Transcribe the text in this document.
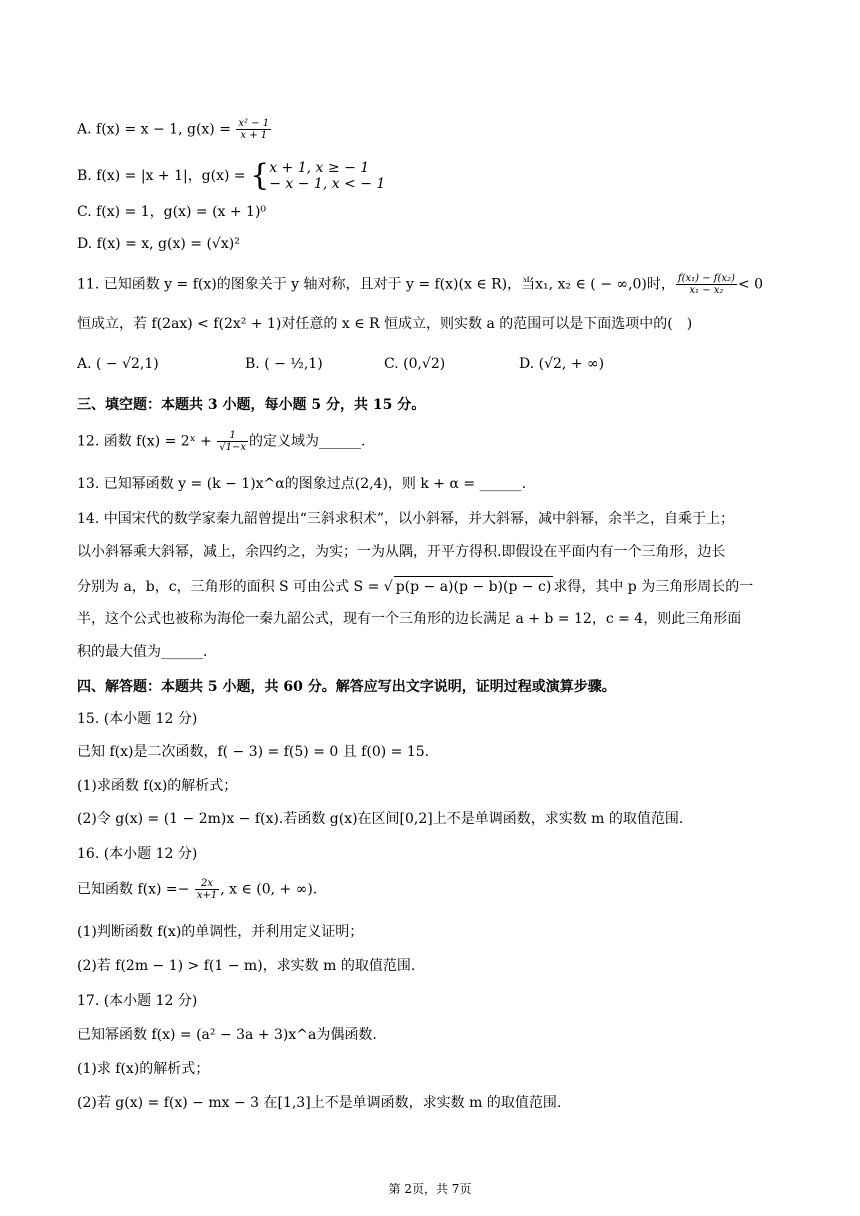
A. f(x) = x − 1, $g(x) = \frac{\text{x² − 1}}{x + 1}$
B. f(x) = |x + 1|，g(x) = { x + 1, x ≥ − 1
− x − 1, x < − 1
C. f(x) = 1，g(x) = (x + 1)⁰
D. f(x) = x, g(x) = (√x)²
11. 已知函数 y = f(x)的图象关于 y 轴对称，且对于 y = f(x)(x ∈ R)，当x₁, x₂ ∈ ( − ∞,0)时， $\frac{\text{f(x₁) − f(x₂)}}{\text{x₁ − x₂}} < 0$
恒成立，若 f(2ax) < f(2x² + 1)对任意的 x ∈ R 恒成立，则实数 a 的范围可以是下面选项中的(　)
A. ( − √2,1)	B. ( − ½,1)	C. (0,√2)	D. (√2, + ∞)
三、填空题：本题共 3 小题，每小题 5 分，共 15 分。
12. 函数 f(x) = 2ˣ + $\frac{1}{√1-x}$ 的定义域为______.
13. 已知幂函数 y = (k − 1)x^α的图象过点(2,4)，则 k + α = ______.
14. 中国宋代的数学家秦九韶曾提出“三斜求积术”，以小斜幂，并大斜幂，减中斜幂，余半之，自乘于上；
以小斜幂乘大斜幂，减上，余四约之，为实；一为从隅，开平方得积.即假设在平面内有一个三角形，边长
分别为 a，b，c，三角形的面积 S 可由公式 S = √ p(p − a)(p − b)(p − c) 求得，其中 p 为三角形周长的一
半，这个公式也被称为海伦一秦九韶公式，现有一个三角形的边长满足 a + b = 12，c = 4，则此三角形面
积的最大值为______.
四、解答题：本题共 5 小题，共 60 分。解答应写出文字说明，证明过程或演算步骤。
15. (本小题 12 分)
已知 f(x)是二次函数，f( − 3) = f(5) = 0 且 f(0) = 15.
(1)求函数 f(x)的解析式；
(2)令 g(x) = (1 − 2m)x − f(x).若函数 g(x)在区间[0,2]上不是单调函数，求实数 m 的取值范围.
16. (本小题 12 分)
已知函数 $f(x) =- \frac{2x}{x+1}$ , x ∈ (0, + ∞).
(1)判断函数 f(x)的单调性，并利用定义证明；
(2)若 f(2m − 1) > f(1 − m)，求实数 m 的取值范围.
17. (本小题 12 分)
已知幂函数 f(x) = (a² − 3a + 3)x^a为偶函数.
(1)求 f(x)的解析式；
(2)若 g(x) = f(x) − mx − 3 在[1,3]上不是单调函数，求实数 m 的取值范围.
第 2页，共 7页
